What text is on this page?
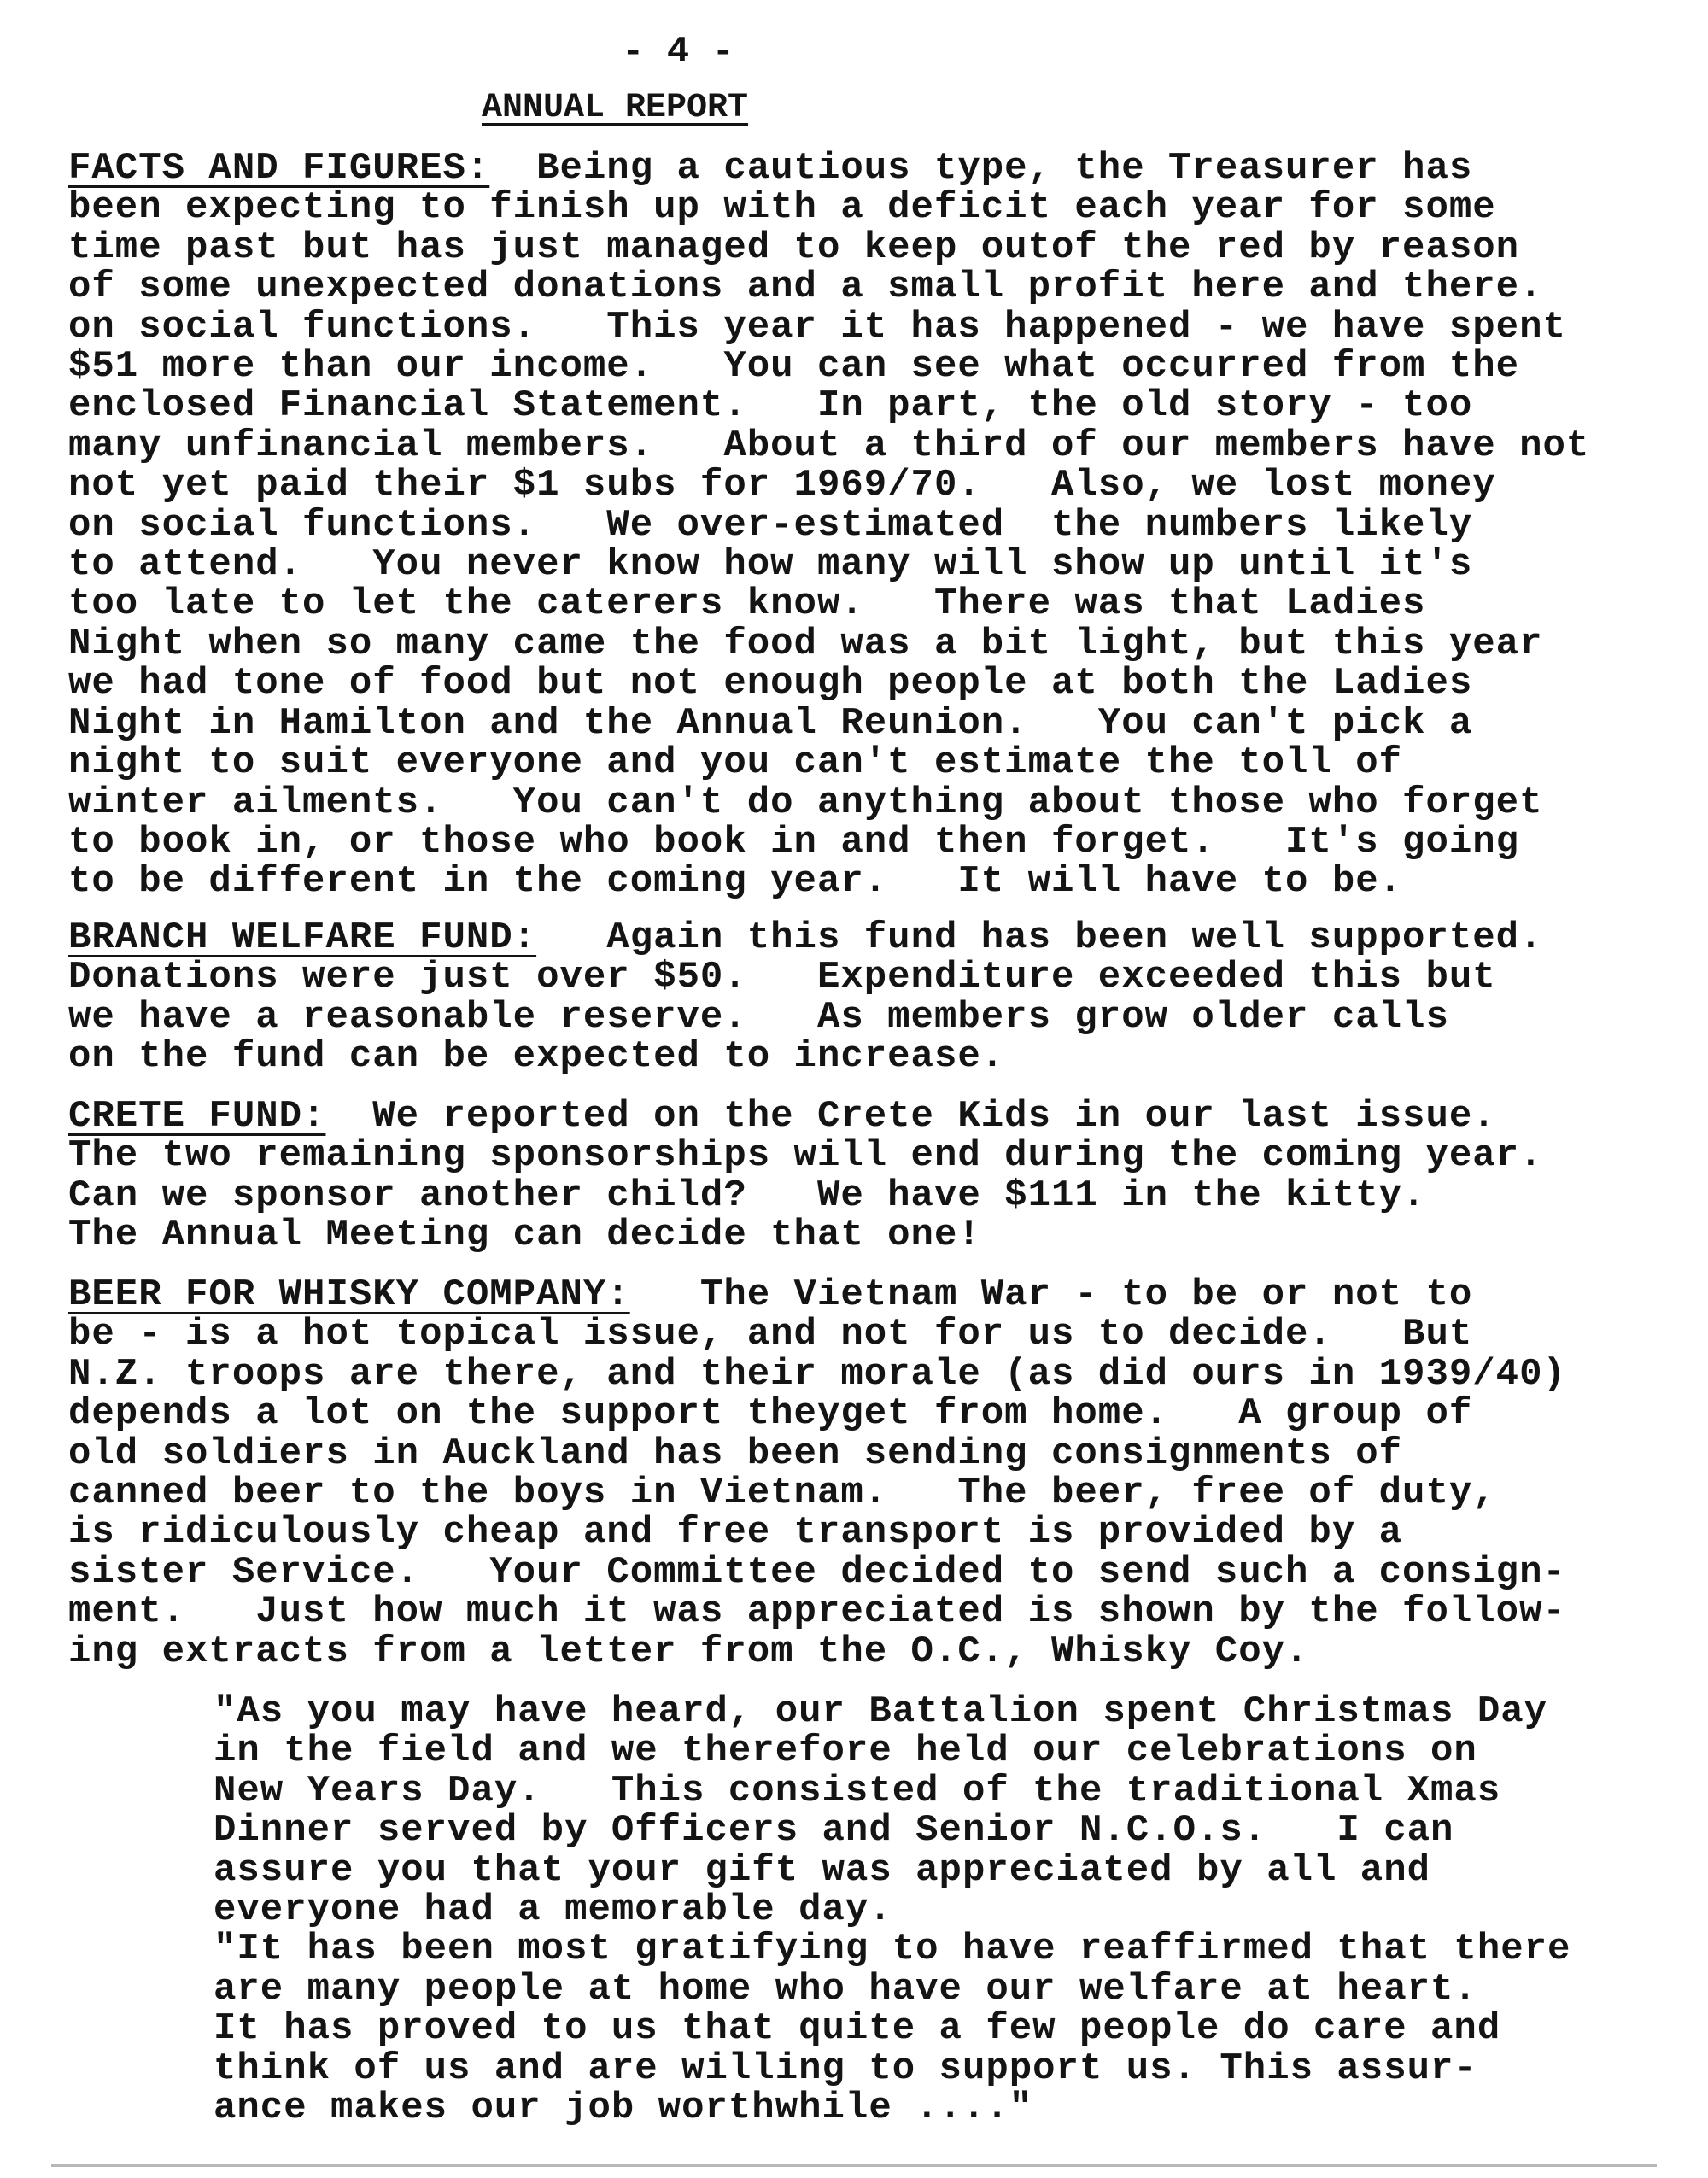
- 4 -
ANNUAL REPORT
FACTS AND FIGURES:  Being a cautious type, the Treasurer has
been expecting to finish up with a deficit each year for some
time past but has just managed to keep outof the red by reason
of some unexpected donations and a small profit here and there.
on social functions.   This year it has happened - we have spent
$51 more than our income.   You can see what occurred from the
enclosed Financial Statement.   In part, the old story - too
many unfinancial members.   About a third of our members have not
not yet paid their $1 subs for 1969/70.   Also, we lost money
on social functions.   We over-estimated  the numbers likely
to attend.   You never know how many will show up until it's
too late to let the caterers know.   There was that Ladies
Night when so many came the food was a bit light, but this year
we had tone of food but not enough people at both the Ladies
Night in Hamilton and the Annual Reunion.   You can't pick a
night to suit everyone and you can't estimate the toll of
winter ailments.   You can't do anything about those who forget
to book in, or those who book in and then forget.   It's going
to be different in the coming year.   It will have to be.
BRANCH WELFARE FUND:   Again this fund has been well supported.
Donations were just over $50.   Expenditure exceeded this but
we have a reasonable reserve.   As members grow older calls
on the fund can be expected to increase.
CRETE FUND:  We reported on the Crete Kids in our last issue.
The two remaining sponsorships will end during the coming year.
Can we sponsor another child?   We have $111 in the kitty.
The Annual Meeting can decide that one!
BEER FOR WHISKY COMPANY:   The Vietnam War - to be or not to
be - is a hot topical issue, and not for us to decide.   But
N.Z. troops are there, and their morale (as did ours in 1939/40)
depends a lot on the support theyget from home.   A group of
old soldiers in Auckland has been sending consignments of
canned beer to the boys in Vietnam.   The beer, free of duty,
is ridiculously cheap and free transport is provided by a
sister Service.   Your Committee decided to send such a consign-
ment.   Just how much it was appreciated is shown by the follow-
ing extracts from a letter from the O.C., Whisky Coy.
"As you may have heard, our Battalion spent Christmas Day
in the field and we therefore held our celebrations on
New Years Day.   This consisted of the traditional Xmas
Dinner served by Officers and Senior N.C.O.s.   I can
assure you that your gift was appreciated by all and
everyone had a memorable day.
"It has been most gratifying to have reaffirmed that there
are many people at home who have our welfare at heart.
It has proved to us that quite a few people do care and
think of us and are willing to support us. This assur-
ance makes our job worthwhile ...."
